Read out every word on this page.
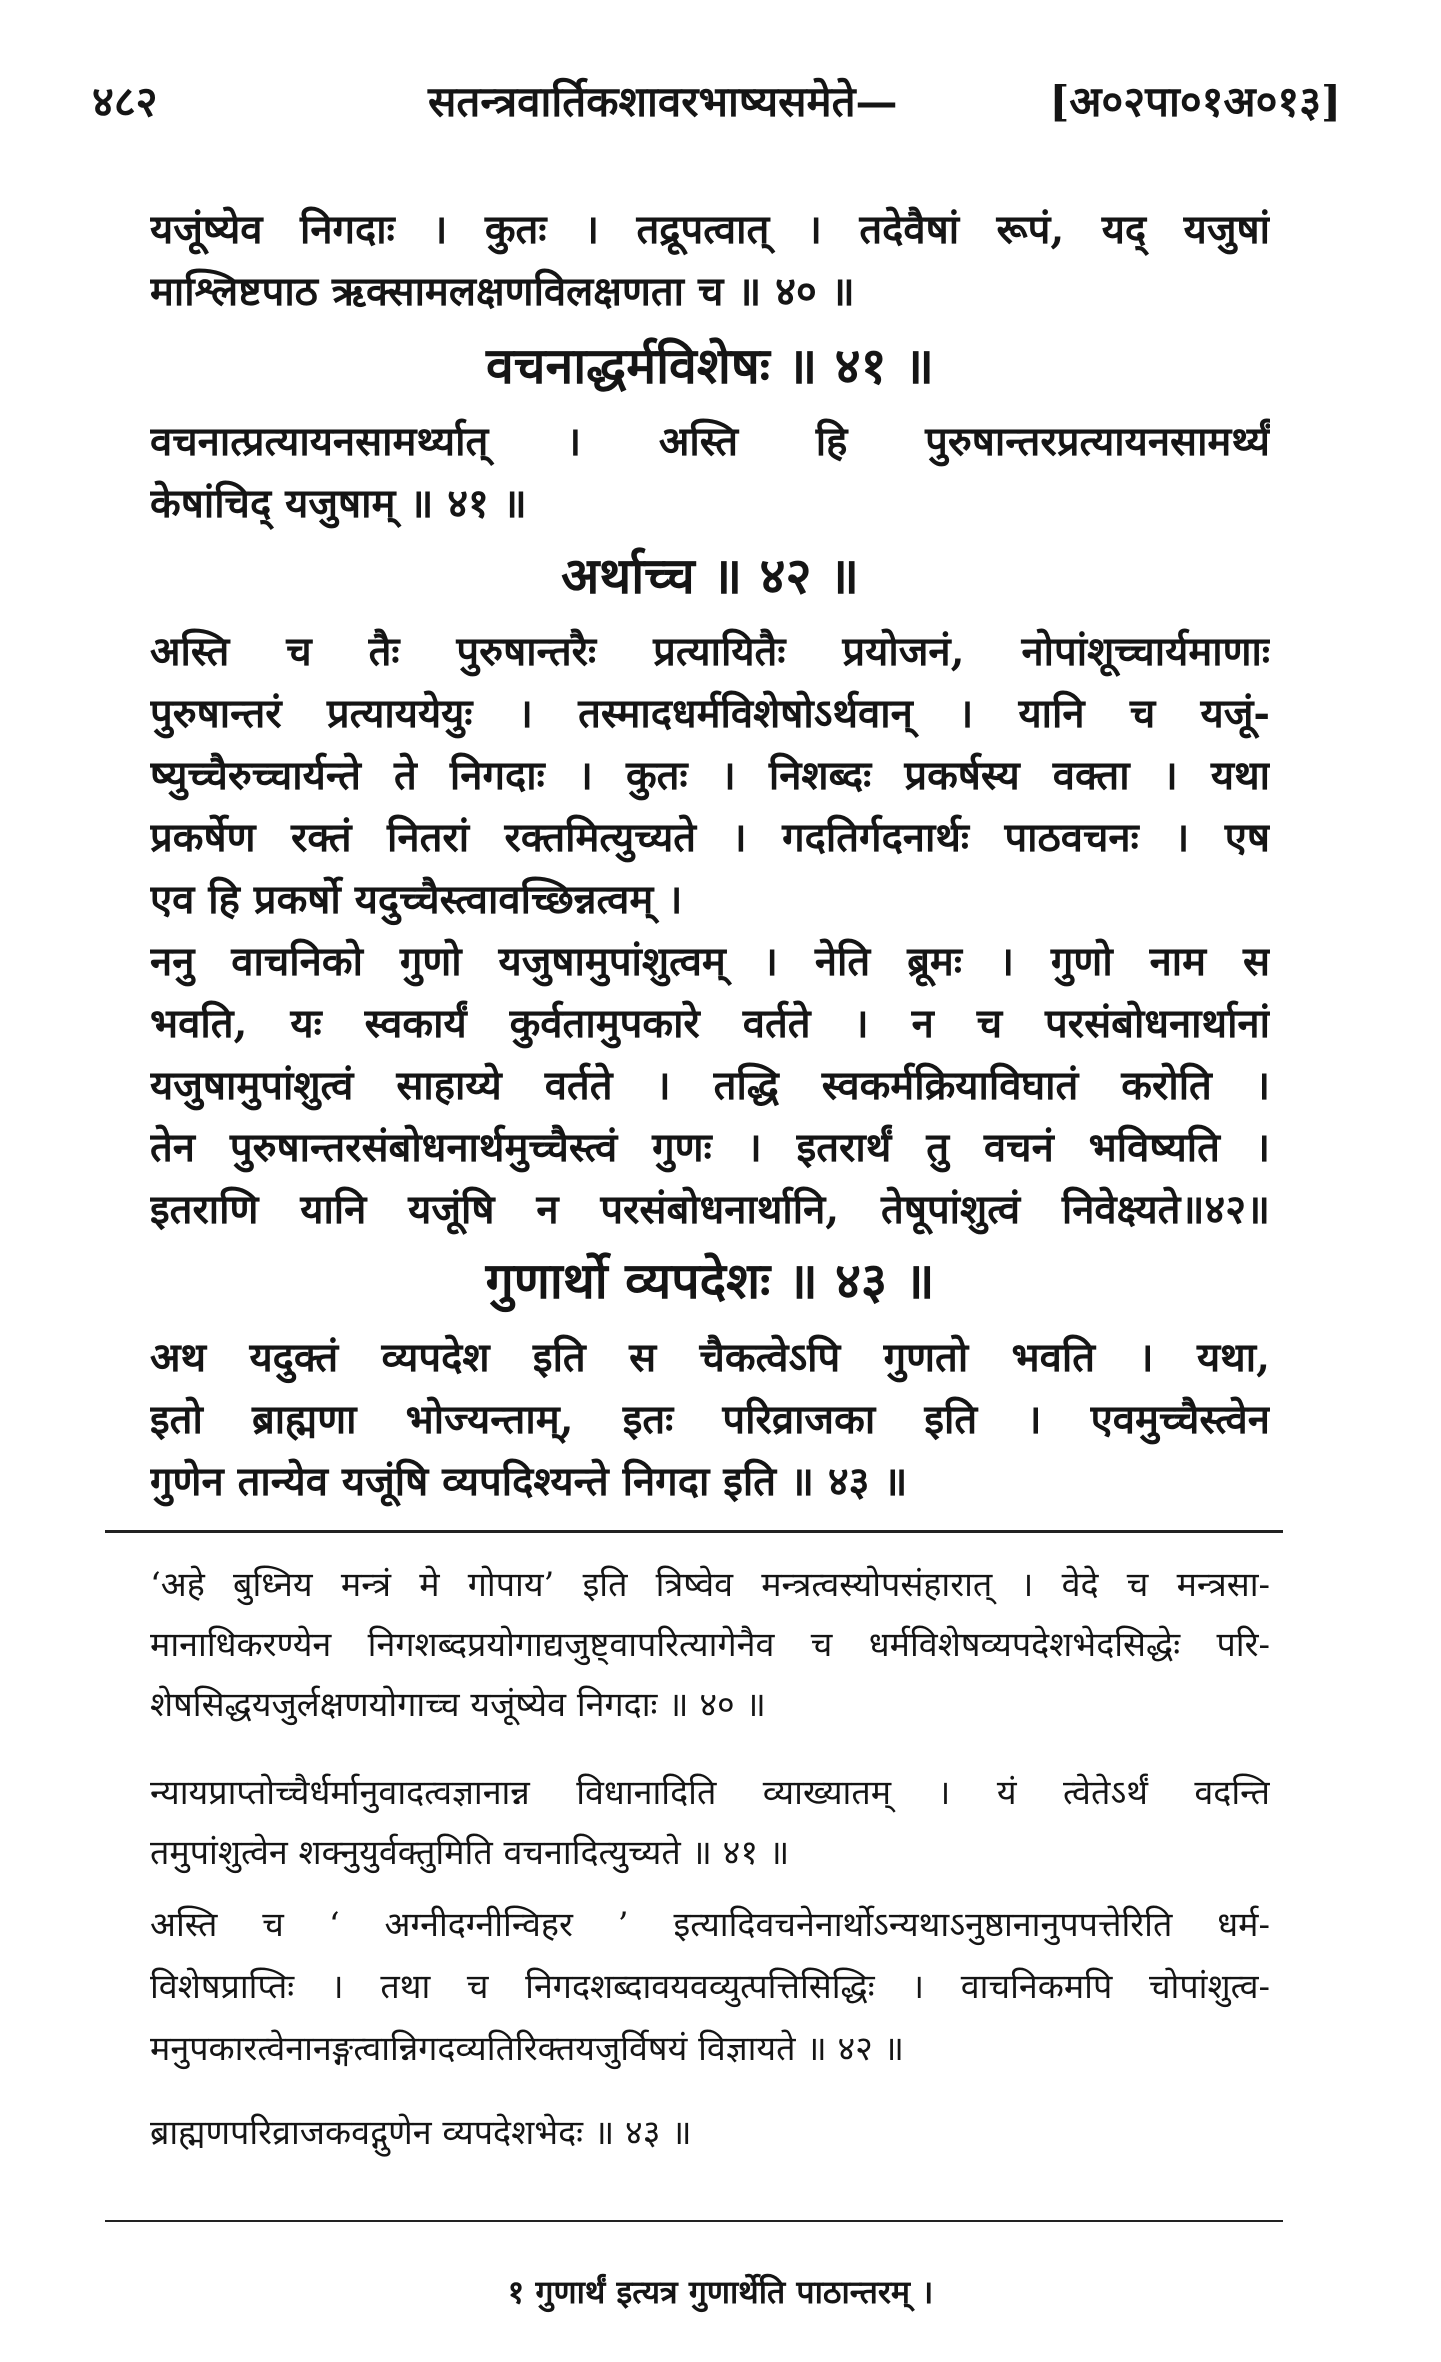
४८२	सतन्त्रवार्तिकशावरभाष्यसमेते—	[अ०२पा०१अ०१३]
यजूंष्येव निगदाः । कुतः । तद्रूपत्वात् । तदेवैषां रूपं, यद् यजुषां
माश्लिष्टपाठ ऋक्सामलक्षणविलक्षणता च ॥ ४० ॥
वचनाद्धर्मविशेषः ॥ ४१ ॥
वचनात्प्रत्यायनसामर्थ्यात् । अस्ति हि पुरुषान्तरप्रत्यायनसामर्थ्यं
केषांचिद् यजुषाम् ॥ ४१ ॥
अर्थाच्च ॥ ४२ ॥
अस्ति च तैः पुरुषान्तरैः प्रत्यायितैः प्रयोजनं, नोपांशूच्चार्यमाणाः
पुरुषान्तरं प्रत्याययेयुः । तस्मादधर्मविशेषोऽर्थवान् । यानि च यजूं-
ष्युच्चैरुच्चार्यन्ते ते निगदाः । कुतः । निशब्दः प्रकर्षस्य वक्ता । यथा
प्रकर्षेण रक्तं नितरां रक्तमित्युच्यते । गदतिर्गदनार्थः पाठवचनः । एष
एव हि प्रकर्षो यदुच्चैस्त्वावच्छिन्नत्वम् ।
ननु वाचनिको गुणो यजुषामुपांशुत्वम् । नेति ब्रूमः । गुणो नाम स
भवति, यः स्वकार्यं कुर्वतामुपकारे वर्तते । न च परसंबोधनार्थानां
यजुषामुपांशुत्वं साहाय्ये वर्तते । तद्धि स्वकर्मक्रियाविघातं करोति ।
तेन पुरुषान्तरसंबोधनार्थमुच्चैस्त्वं गुणः । इतरार्थं तु वचनं भविष्यति ।
इतराणि यानि यजूंषि न परसंबोधनार्थानि, तेषूपांशुत्वं निवेक्ष्यते॥४२॥
गुणार्थो व्यपदेशः ॥ ४३ ॥
अथ यदुक्तं व्यपदेश इति स चैकत्वेऽपि गुणतो भवति । यथा,
इतो ब्राह्मणा भोज्यन्ताम्, इतः परिव्राजका इति । एवमुच्चैस्त्वेन
गुणेन तान्येव यजूंषि व्यपदिश्यन्ते निगदा इति ॥ ४३ ॥
‘अहे बुध्निय मन्त्रं मे गोपाय’ इति त्रिष्वेव मन्त्रत्वस्योपसंहारात् । वेदे च मन्त्रसा-
मानाधिकरण्येन निगशब्दप्रयोगाद्यजुष्ट्वापरित्यागेनैव च धर्मविशेषव्यपदेशभेदसिद्धेः परि-
शेषसिद्धयजुर्लक्षणयोगाच्च यजूंष्येव निगदाः ॥ ४० ॥
न्यायप्राप्तोच्चैर्धर्मानुवादत्वज्ञानान्न विधानादिति व्याख्यातम् । यं त्वेतेऽर्थं वदन्ति
तमुपांशुत्वेन शक्नुयुर्वक्तुमिति वचनादित्युच्यते ॥ ४१ ॥
अस्ति च ‘ अग्नीदग्नीन्विहर ’ इत्यादिवचनेनार्थोऽन्यथाऽनुष्ठानानुपपत्तेरिति धर्म-
विशेषप्राप्तिः । तथा च निगदशब्दावयवव्युत्पत्तिसिद्धिः । वाचनिकमपि चोपांशुत्व-
मनुपकारत्वेनानङ्गत्वान्निगदव्यतिरिक्तयजुर्विषयं विज्ञायते ॥ ४२ ॥
ब्राह्मणपरिव्राजकवद्गुणेन व्यपदेशभेदः ॥ ४३ ॥
१ गुणार्थं इत्यत्र गुणार्थेति पाठान्तरम् ।
